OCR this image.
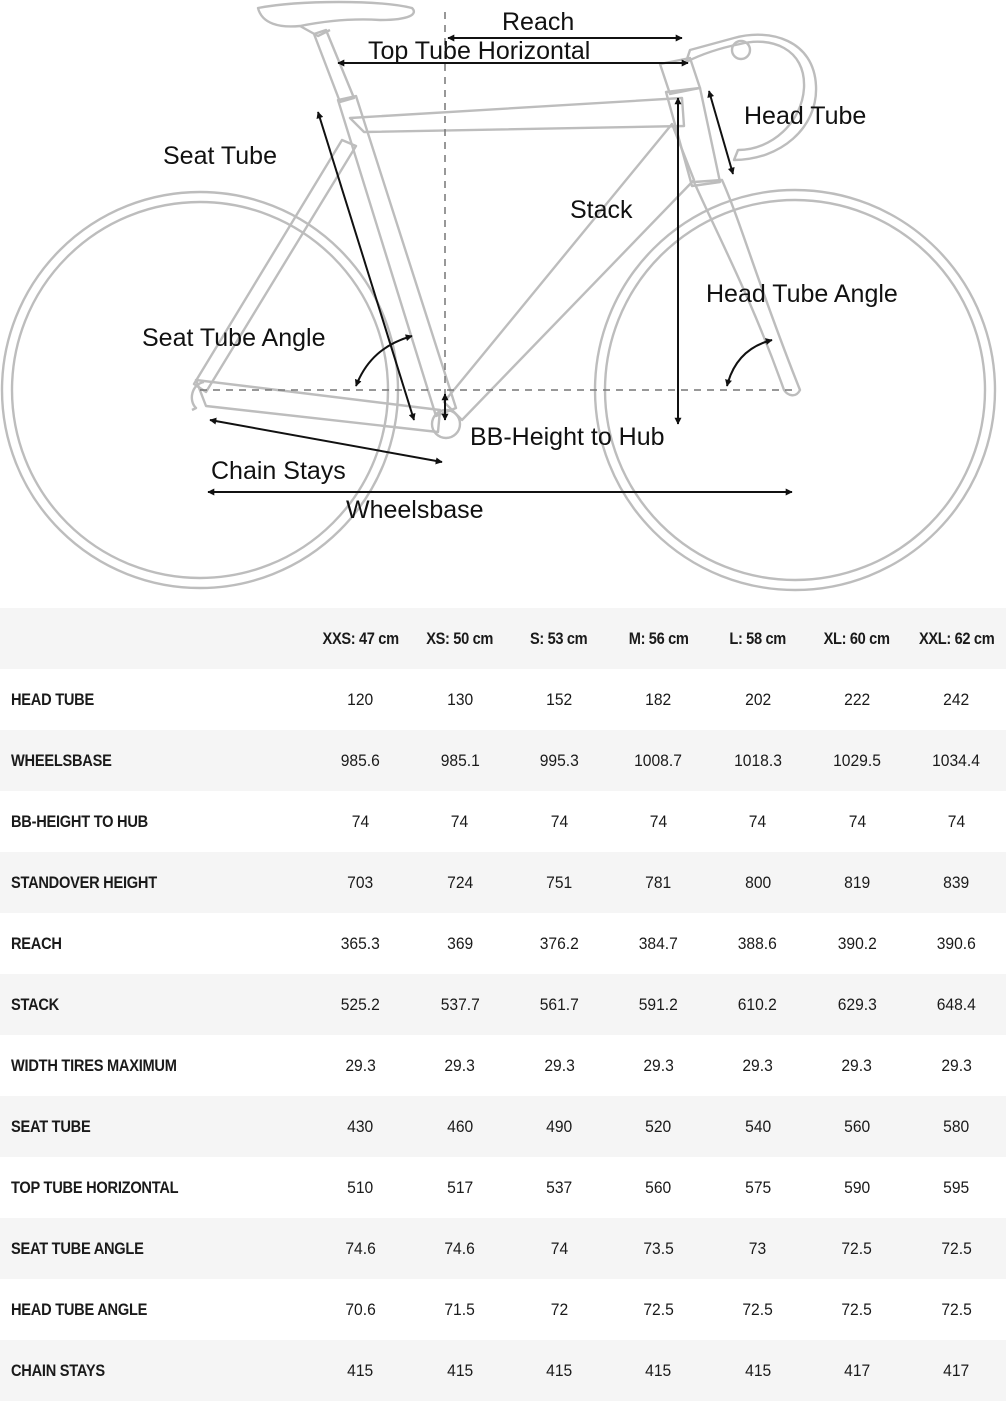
Reach
Top Tube Horizontal
Head Tube
Seat Tube
Stack
Head Tube Angle
Seat Tube Angle
BB-Height to Hub
Chain Stays
Wheelsbase
	XXS: 47 cm	XS: 50 cm	S: 53 cm	M: 56 cm	L: 58 cm	XL: 60 cm	XXL: 62 cm
HEAD TUBE	120	130	152	182	202	222	242
WHEELSBASE	985.6	985.1	995.3	1008.7	1018.3	1029.5	1034.4
BB-HEIGHT TO HUB	74	74	74	74	74	74	74
STANDOVER HEIGHT	703	724	751	781	800	819	839
REACH	365.3	369	376.2	384.7	388.6	390.2	390.6
STACK	525.2	537.7	561.7	591.2	610.2	629.3	648.4
WIDTH TIRES MAXIMUM	29.3	29.3	29.3	29.3	29.3	29.3	29.3
SEAT TUBE	430	460	490	520	540	560	580
TOP TUBE HORIZONTAL	510	517	537	560	575	590	595
SEAT TUBE ANGLE	74.6	74.6	74	73.5	73	72.5	72.5
HEAD TUBE ANGLE	70.6	71.5	72	72.5	72.5	72.5	72.5
CHAIN STAYS	415	415	415	415	415	417	417
